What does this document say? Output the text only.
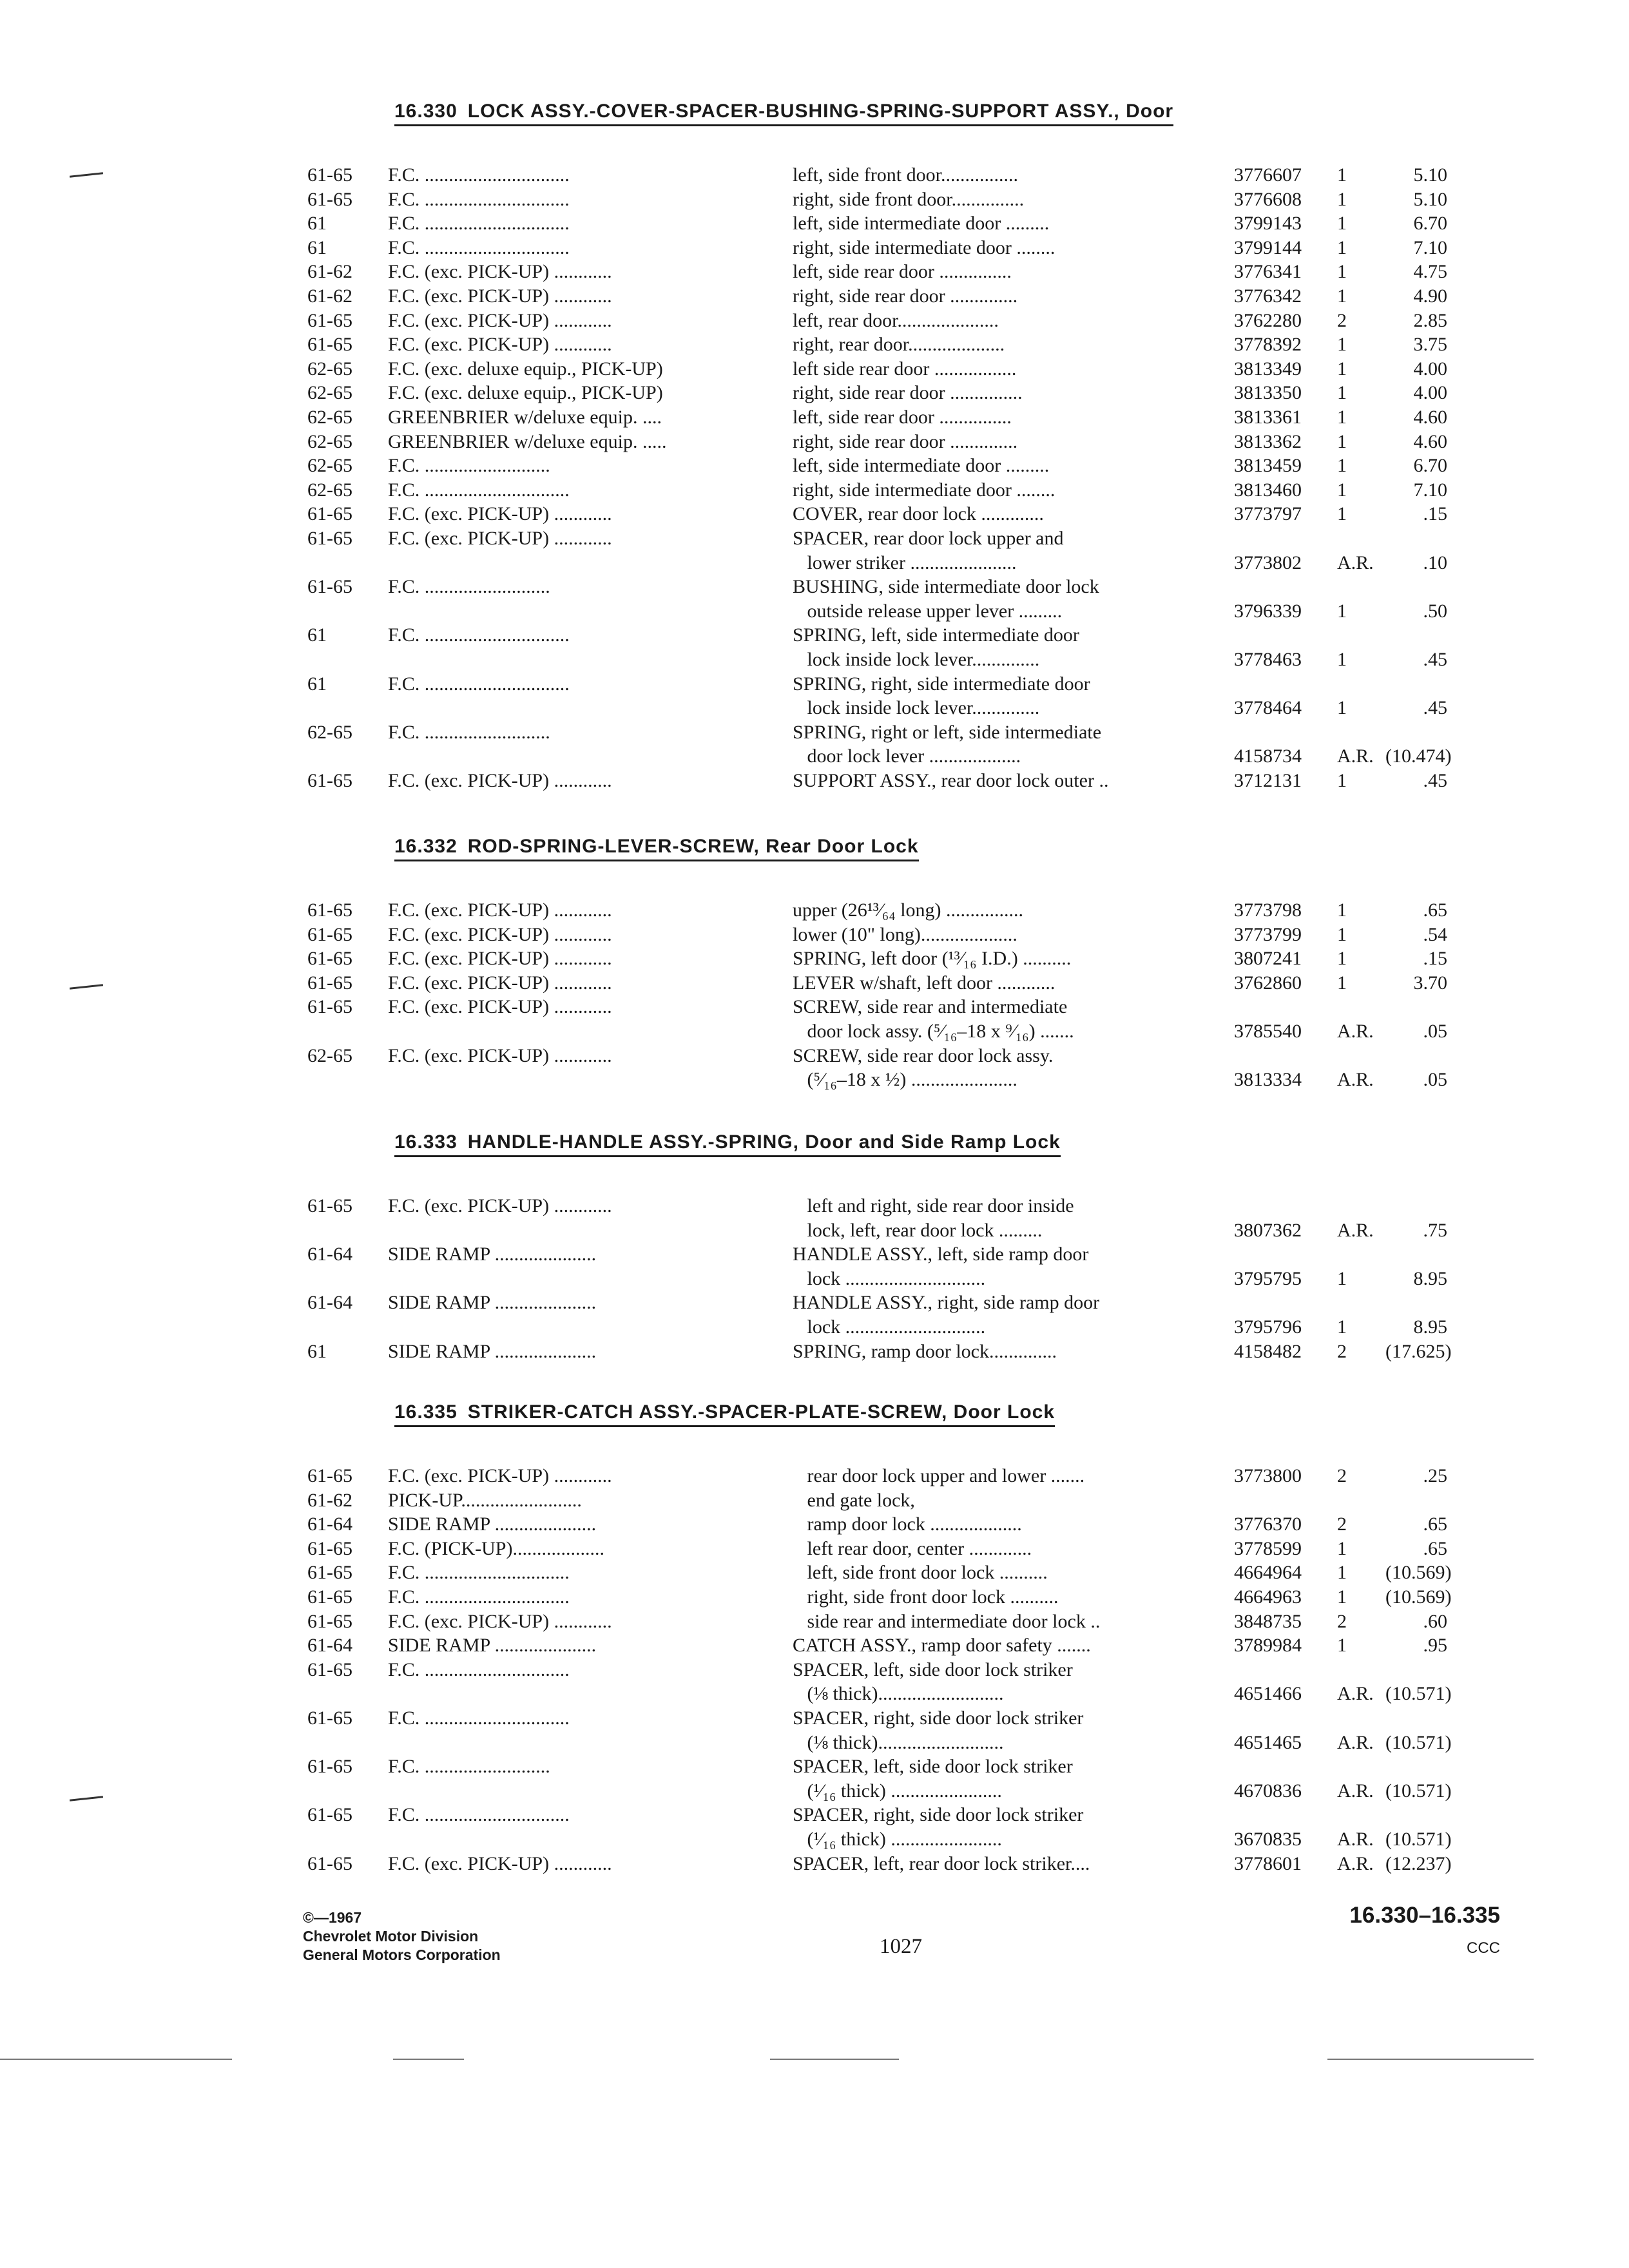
16.330 LOCK ASSY.-COVER-SPACER-BUSHING-SPRING-SUPPORT ASSY., Door
61-65 F.C. ..............................	left, side front door................	3776607 1	5.10
61-65 F.C. ..............................	right, side front door...............	3776608 1	5.10
61	F.C. ..............................	left, side intermediate door .........	3799143 1	6.70
61	F.C. ..............................	right, side intermediate door ........	3799144 1	7.10
61-62 F.C. (exc. PICK-UP) ............	left, side rear door ...............	3776341 1	4.75
61-62 F.C. (exc. PICK-UP) ............	right, side rear door ..............	3776342 1	4.90
61-65 F.C. (exc. PICK-UP) ............	left, rear door.....................	3762280 2	2.85
61-65 F.C. (exc. PICK-UP) ............	right, rear door....................	3778392 1	3.75
62-65 F.C. (exc. deluxe equip., PICK-UP)	left side rear door .................	3813349 1	4.00
62-65 F.C. (exc. deluxe equip., PICK-UP)	right, side rear door ...............	3813350 1	4.00
62-65 GREENBRIER w/deluxe equip. ....	left, side rear door ...............	3813361 1	4.60
62-65 GREENBRIER w/deluxe equip. .....	right, side rear door ..............	3813362 1	4.60
62-65 F.C. ..........................	left, side intermediate door .........	3813459 1	6.70
62-65 F.C. ..............................	right, side intermediate door ........	3813460 1	7.10
61-65 F.C. (exc. PICK-UP) ............	COVER, rear door lock .............	3773797 1	.15
61-65 F.C. (exc. PICK-UP) ............	SPACER, rear door lock upper and
lower striker ......................	3773802 A.R.	.10
61-65 F.C. ..........................	BUSHING, side intermediate door lock
outside release upper lever .........	3796339 1	.50
61	F.C. ..............................	SPRING, left, side intermediate door
lock inside lock lever..............	3778463 1	.45
61	F.C. ..............................	SPRING, right, side intermediate door
lock inside lock lever..............	3778464 1	.45
62-65 F.C. ..........................	SPRING, right or left, side intermediate
door lock lever ...................	4158734 A.R. (10.474)
61-65 F.C. (exc. PICK-UP) ............	SUPPORT ASSY., rear door lock outer ..	3712131 1	.45
16.332 ROD-SPRING-LEVER-SCREW, Rear Door Lock
61-65 F.C. (exc. PICK-UP) ............	upper (26¹³⁄₆₄ long) ................	3773798 1	.65
61-65 F.C. (exc. PICK-UP) ............	lower (10" long)....................	3773799 1	.54
61-65 F.C. (exc. PICK-UP) ............	SPRING, left door (¹³⁄₁₆ I.D.) ..........	3807241 1	.15
61-65 F.C. (exc. PICK-UP) ............	LEVER w/shaft, left door ............	3762860 1	3.70
61-65 F.C. (exc. PICK-UP) ............	SCREW, side rear and intermediate
door lock assy. (⁵⁄₁₆–18 x ⁹⁄₁₆) .......	3785540 A.R.	.05
62-65 F.C. (exc. PICK-UP) ............	SCREW, side rear door lock assy.
(⁵⁄₁₆–18 x ½) ......................	3813334 A.R.	.05
16.333 HANDLE-HANDLE ASSY.-SPRING, Door and Side Ramp Lock
61-65 F.C. (exc. PICK-UP) ............	left and right, side rear door inside
lock, left, rear door lock .........	3807362 A.R.	.75
61-64 SIDE RAMP .....................	HANDLE ASSY., left, side ramp door
lock .............................	3795795 1	8.95
61-64 SIDE RAMP .....................	HANDLE ASSY., right, side ramp door
lock .............................	3795796 1	8.95
61	SIDE RAMP .....................	SPRING, ramp door lock..............	4158482 2 (17.625)
16.335 STRIKER-CATCH ASSY.-SPACER-PLATE-SCREW, Door Lock
61-65 F.C. (exc. PICK-UP) ............	rear door lock upper and lower .......	3773800 2	.25
61-62 PICK-UP.........................	end gate lock,
61-64 SIDE RAMP .....................	ramp door lock ...................	3776370 2	.65
61-65 F.C. (PICK-UP)...................	left rear door, center .............	3778599 1	.65
61-65 F.C. ..............................	left, side front door lock ..........	4664964 1 (10.569)
61-65 F.C. ..............................	right, side front door lock ..........	4664963 1 (10.569)
61-65 F.C. (exc. PICK-UP) ............	side rear and intermediate door lock ..	3848735 2	.60
61-64 SIDE RAMP .....................	CATCH ASSY., ramp door safety .......	3789984 1	.95
61-65 F.C. ..............................	SPACER, left, side door lock striker
(⅛ thick)..........................	4651466 A.R. (10.571)
61-65 F.C. ..............................	SPACER, right, side door lock striker
(⅛ thick)..........................	4651465 A.R. (10.571)
61-65 F.C. ..........................	SPACER, left, side door lock striker
(¹⁄₁₆ thick) .......................	4670836 A.R. (10.571)
61-65 F.C. ..............................	SPACER, right, side door lock striker
(¹⁄₁₆ thick) .......................	3670835 A.R. (10.571)
61-65 F.C. (exc. PICK-UP) ............	SPACER, left, rear door lock striker....	3778601 A.R. (12.237)
©—1967
Chevrolet Motor Division
General Motors Corporation	1027
16.330–16.335
CCC
